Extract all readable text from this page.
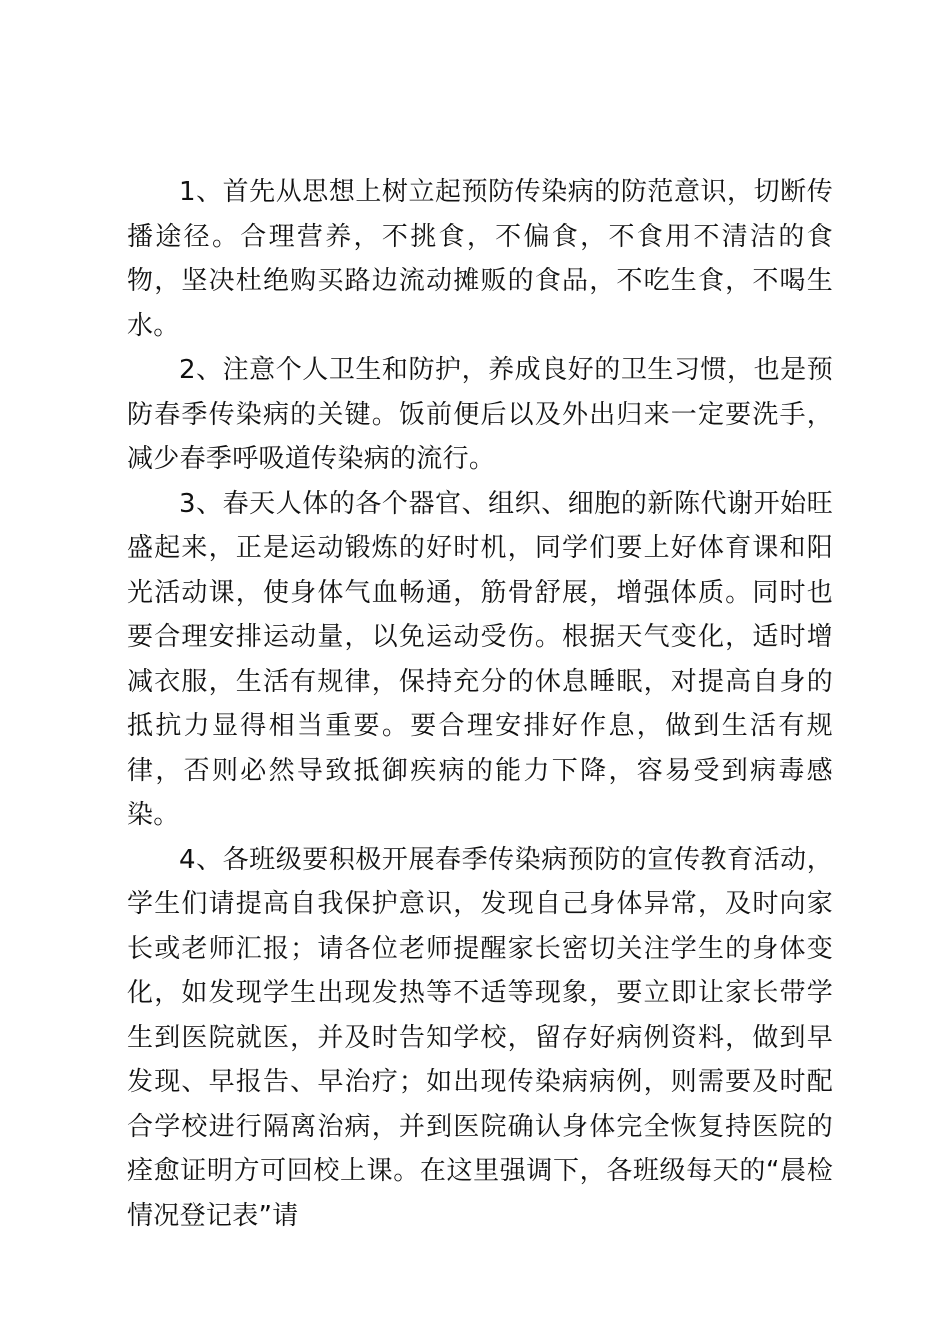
1、首先从思想上树立起预防传染病的防范意识，切断传播途径。合理营养，不挑食，不偏食，不食用不清洁的食物，坚决杜绝购买路边流动摊贩的食品，不吃生食，不喝生水。

2、注意个人卫生和防护，养成良好的卫生习惯，也是预防春季传染病的关键。饭前便后以及外出归来一定要洗手，减少春季呼吸道传染病的流行。

3、春天人体的各个器官、组织、细胞的新陈代谢开始旺盛起来，正是运动锻炼的好时机，同学们要上好体育课和阳光活动课，使身体气血畅通，筋骨舒展，增强体质。同时也要合理安排运动量，以免运动受伤。根据天气变化，适时增减衣服，生活有规律，保持充分的休息睡眠，对提高自身的抵抗力显得相当重要。要合理安排好作息，做到生活有规律，否则必然导致抵御疾病的能力下降，容易受到病毒感染。

4、各班级要积极开展春季传染病预防的宣传教育活动，学生们请提高自我保护意识，发现自己身体异常，及时向家长或老师汇报；请各位老师提醒家长密切关注学生的身体变化，如发现学生出现发热等不适等现象，要立即让家长带学生到医院就医，并及时告知学校，留存好病例资料，做到早发现、早报告、早治疗；如出现传染病病例，则需要及时配合学校进行隔离治病，并到医院确认身体完全恢复持医院的痊愈证明方可回校上课。在这里强调下，各班级每天的“晨检情况登记表”请
